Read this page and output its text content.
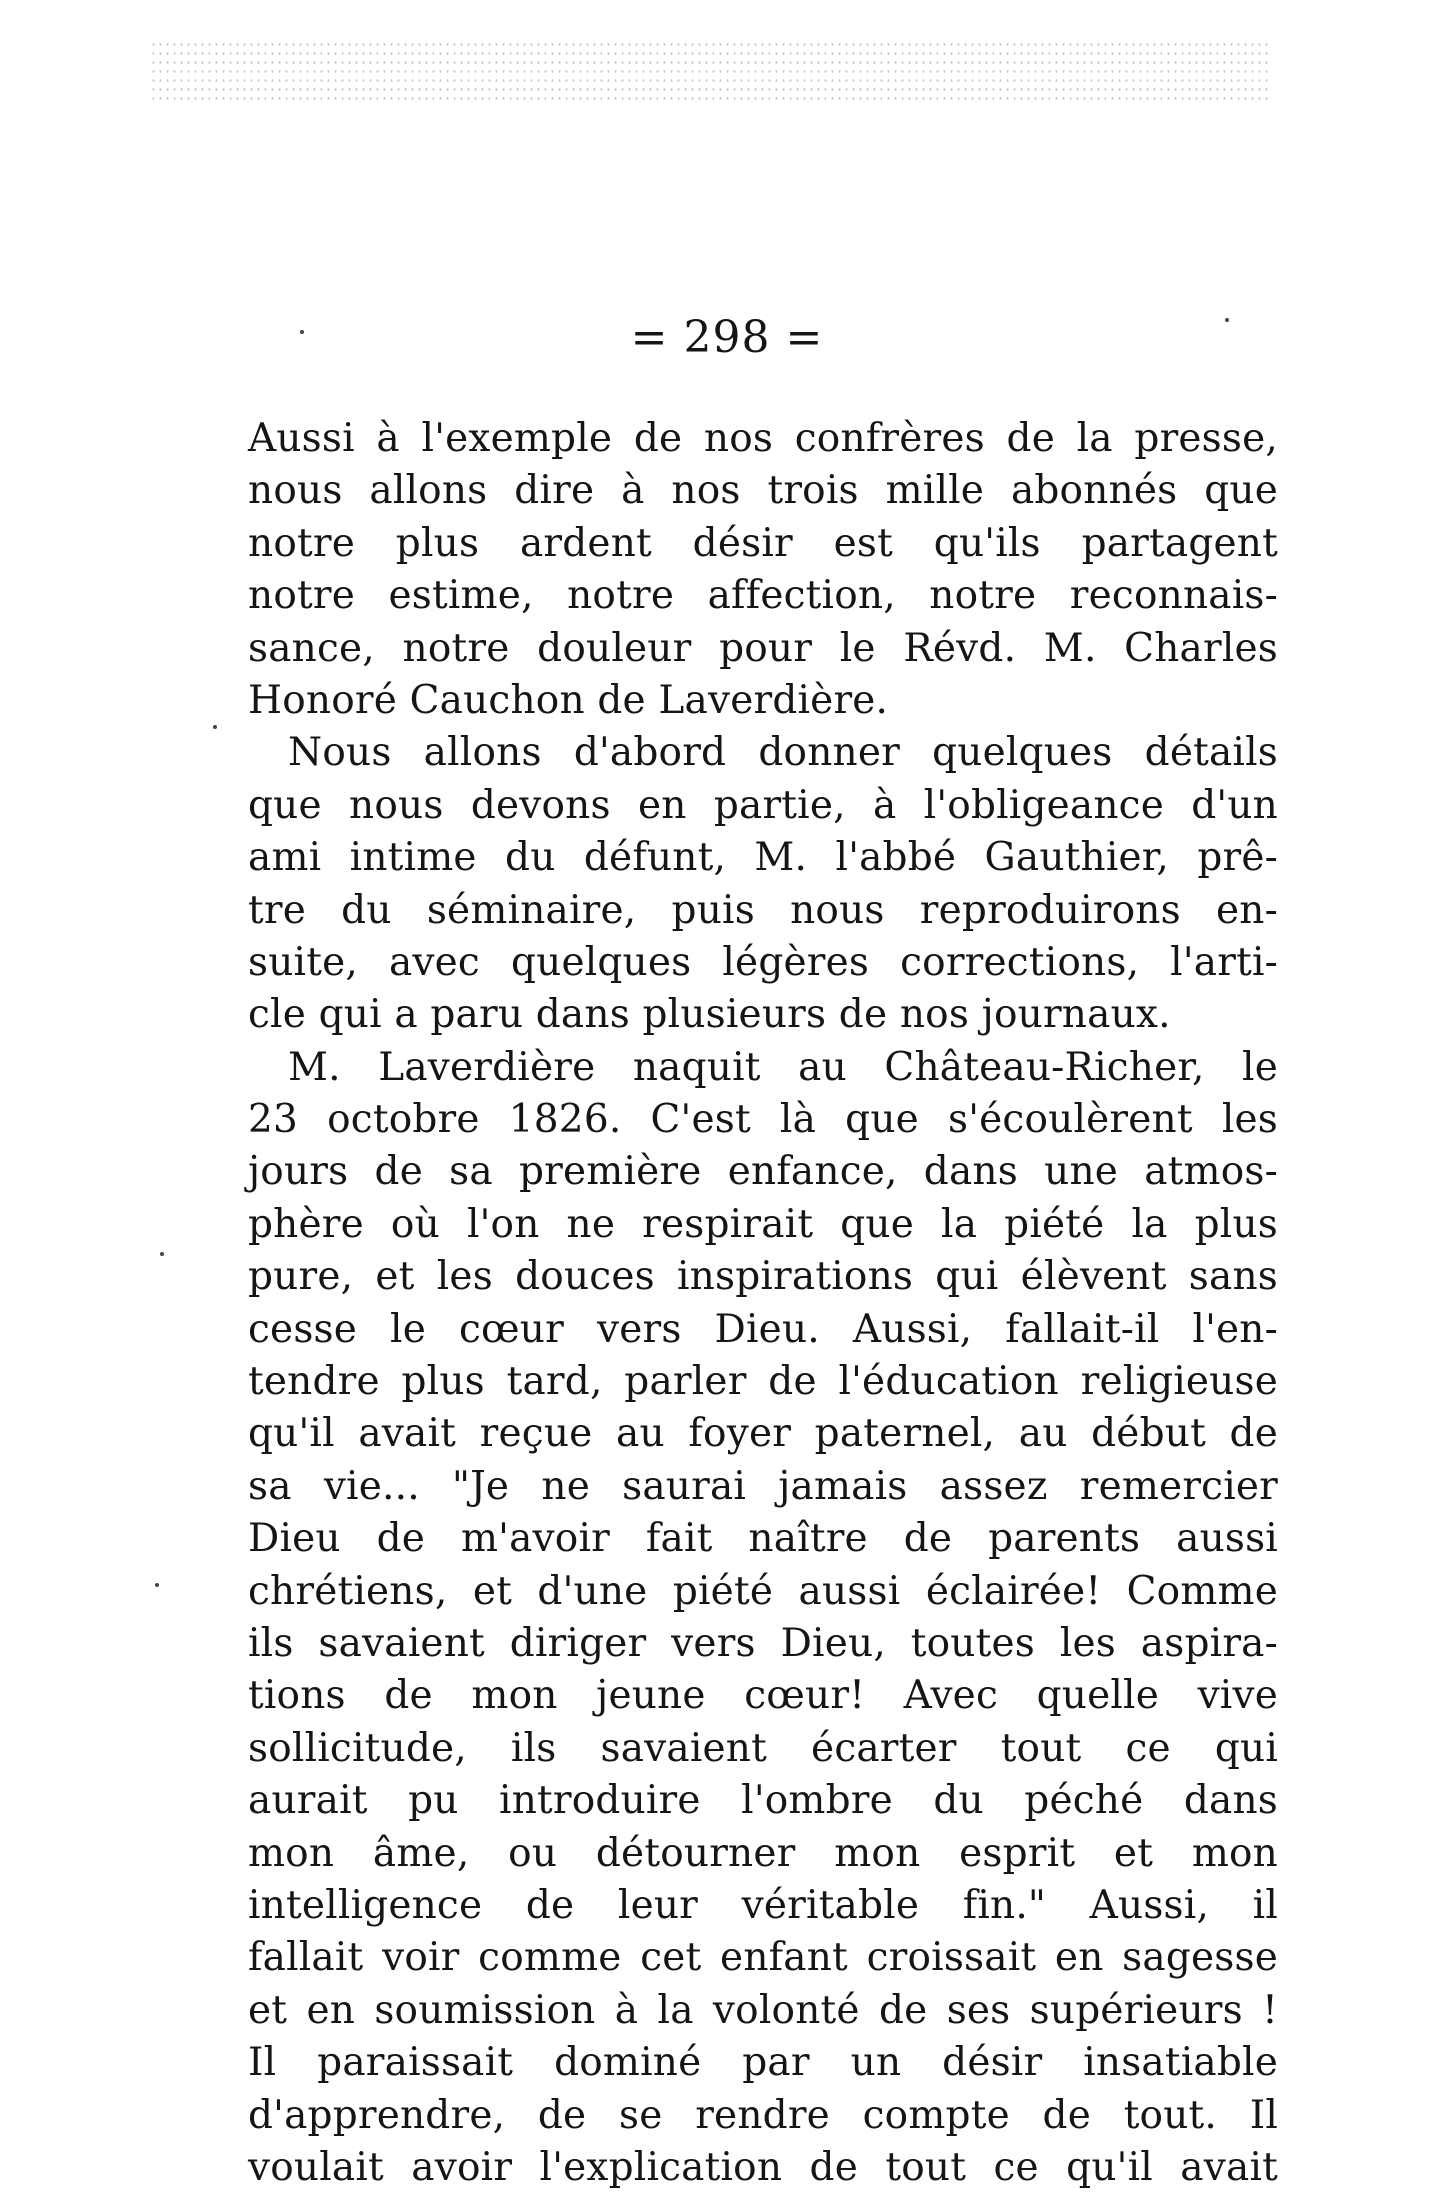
= 298 =
Aussi à l'exemple de nos confrères de la presse,
nous allons dire à nos trois mille abonnés que
notre plus ardent désir est qu'ils partagent
notre estime, notre affection, notre reconnais-
sance, notre douleur pour le Révd. M. Charles
Honoré Cauchon de Laverdière.
Nous allons d'abord donner quelques détails
que nous devons en partie, à l'obligeance d'un
ami intime du défunt, M. l'abbé Gauthier, prê-
tre du séminaire, puis nous reproduirons en-
suite, avec quelques légères corrections, l'arti-
cle qui a paru dans plusieurs de nos journaux.
M. Laverdière naquit au Château-Richer, le
23 octobre 1826. C'est là que s'écoulèrent les
jours de sa première enfance, dans une atmos-
phère où l'on ne respirait que la piété la plus
pure, et les douces inspirations qui élèvent sans
cesse le cœur vers Dieu. Aussi, fallait-il l'en-
tendre plus tard, parler de l'éducation religieuse
qu'il avait reçue au foyer paternel, au début de
sa vie... "Je ne saurai jamais assez remercier
Dieu de m'avoir fait naître de parents aussi
chrétiens, et d'une piété aussi éclairée! Comme
ils savaient diriger vers Dieu, toutes les aspira-
tions de mon jeune cœur! Avec quelle vive
sollicitude, ils savaient écarter tout ce qui
aurait pu introduire l'ombre du péché dans
mon âme, ou détourner mon esprit et mon
intelligence de leur véritable fin." Aussi, il
fallait voir comme cet enfant croissait en sagesse
et en soumission à la volonté de ses supérieurs !
Il paraissait dominé par un désir insatiable
d'apprendre, de se rendre compte de tout. Il
voulait avoir l'explication de tout ce qu'il avait
